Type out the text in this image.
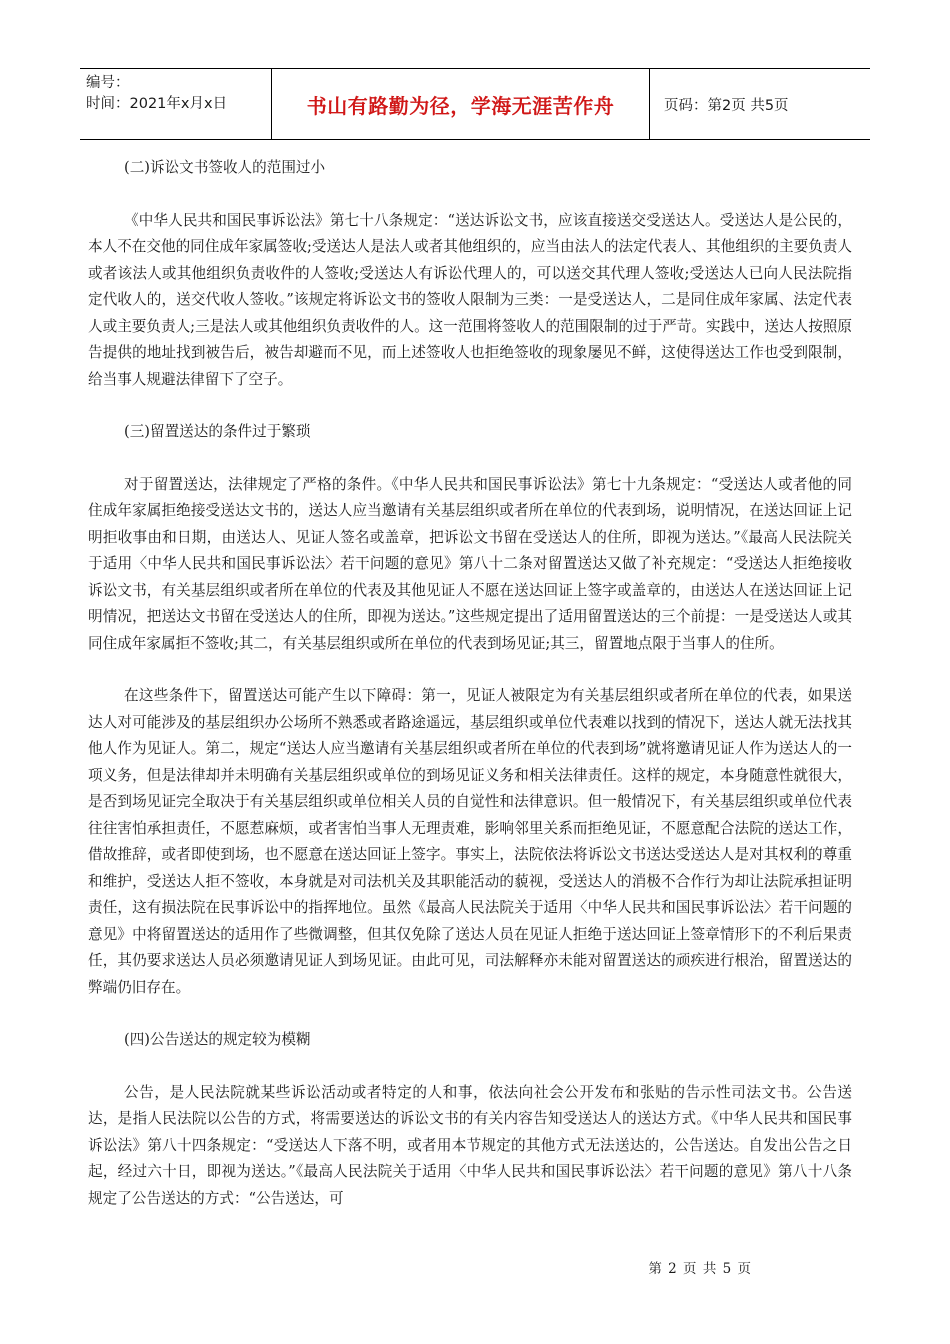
编号：
时间：2021年x月x日	书山有路勤为径，学海无涯苦作舟	页码：第2页 共5页
(二)诉讼文书签收人的范围过小
《中华人民共和国民事诉讼法》第七十八条规定：“送达诉讼文书，应该直接送交受送达人。受送达人是公民的，本人不在交他的同住成年家属签收;受送达人是法人或者其他组织的，应当由法人的法定代表人、其他组织的主要负责人或者该法人或其他组织负责收件的人签收;受送达人有诉讼代理人的，可以送交其代理人签收;受送达人已向人民法院指定代收人的，送交代收人签收。”该规定将诉讼文书的签收人限制为三类：一是受送达人，二是同住成年家属、法定代表人或主要负责人;三是法人或其他组织负责收件的人。这一范围将签收人的范围限制的过于严苛。实践中，送达人按照原告提供的地址找到被告后，被告却避而不见，而上述签收人也拒绝签收的现象屡见不鲜，这使得送达工作也受到限制，给当事人规避法律留下了空子。
(三)留置送达的条件过于繁琐
对于留置送达，法律规定了严格的条件。《中华人民共和国民事诉讼法》第七十九条规定：“受送达人或者他的同住成年家属拒绝接受送达文书的，送达人应当邀请有关基层组织或者所在单位的代表到场，说明情况，在送达回证上记明拒收事由和日期，由送达人、见证人签名或盖章，把诉讼文书留在受送达人的住所，即视为送达。”《最高人民法院关于适用〈中华人民共和国民事诉讼法〉若干问题的意见》第八十二条对留置送达又做了补充规定：“受送达人拒绝接收诉讼文书，有关基层组织或者所在单位的代表及其他见证人不愿在送达回证上签字或盖章的，由送达人在送达回证上记明情况，把送达文书留在受送达人的住所，即视为送达。”这些规定提出了适用留置送达的三个前提：一是受送达人或其同住成年家属拒不签收;其二，有关基层组织或所在单位的代表到场见证;其三，留置地点限于当事人的住所。
在这些条件下，留置送达可能产生以下障碍：第一，见证人被限定为有关基层组织或者所在单位的代表，如果送达人对可能涉及的基层组织办公场所不熟悉或者路途遥远，基层组织或单位代表难以找到的情况下，送达人就无法找其他人作为见证人。第二，规定“送达人应当邀请有关基层组织或者所在单位的代表到场”就将邀请见证人作为送达人的一项义务，但是法律却并未明确有关基层组织或单位的到场见证义务和相关法律责任。这样的规定，本身随意性就很大，是否到场见证完全取决于有关基层组织或单位相关人员的自觉性和法律意识。但一般情况下，有关基层组织或单位代表往往害怕承担责任，不愿惹麻烦，或者害怕当事人无理责难，影响邻里关系而拒绝见证，不愿意配合法院的送达工作，借故推辞，或者即使到场，也不愿意在送达回证上签字。事实上，法院依法将诉讼文书送达受送达人是对其权利的尊重和维护，受送达人拒不签收，本身就是对司法机关及其职能活动的藐视，受送达人的消极不合作行为却让法院承担证明责任，这有损法院在民事诉讼中的指挥地位。虽然《最高人民法院关于适用〈中华人民共和国民事诉讼法〉若干问题的意见》中将留置送达的适用作了些微调整，但其仅免除了送达人员在见证人拒绝于送达回证上签章情形下的不利后果责任，其仍要求送达人员必须邀请见证人到场见证。由此可见，司法解释亦未能对留置送达的顽疾进行根治，留置送达的弊端仍旧存在。
(四)公告送达的规定较为模糊
公告，是人民法院就某些诉讼活动或者特定的人和事，依法向社会公开发布和张贴的告示性司法文书。公告送达，是指人民法院以公告的方式，将需要送达的诉讼文书的有关内容告知受送达人的送达方式。《中华人民共和国民事诉讼法》第八十四条规定：“受送达人下落不明，或者用本节规定的其他方式无法送达的，公告送达。自发出公告之日起，经过六十日，即视为送达。”《最高人民法院关于适用〈中华人民共和国民事诉讼法〉若干问题的意见》第八十八条规定了公告送达的方式：“公告送达，可
第 2 页 共 5 页
